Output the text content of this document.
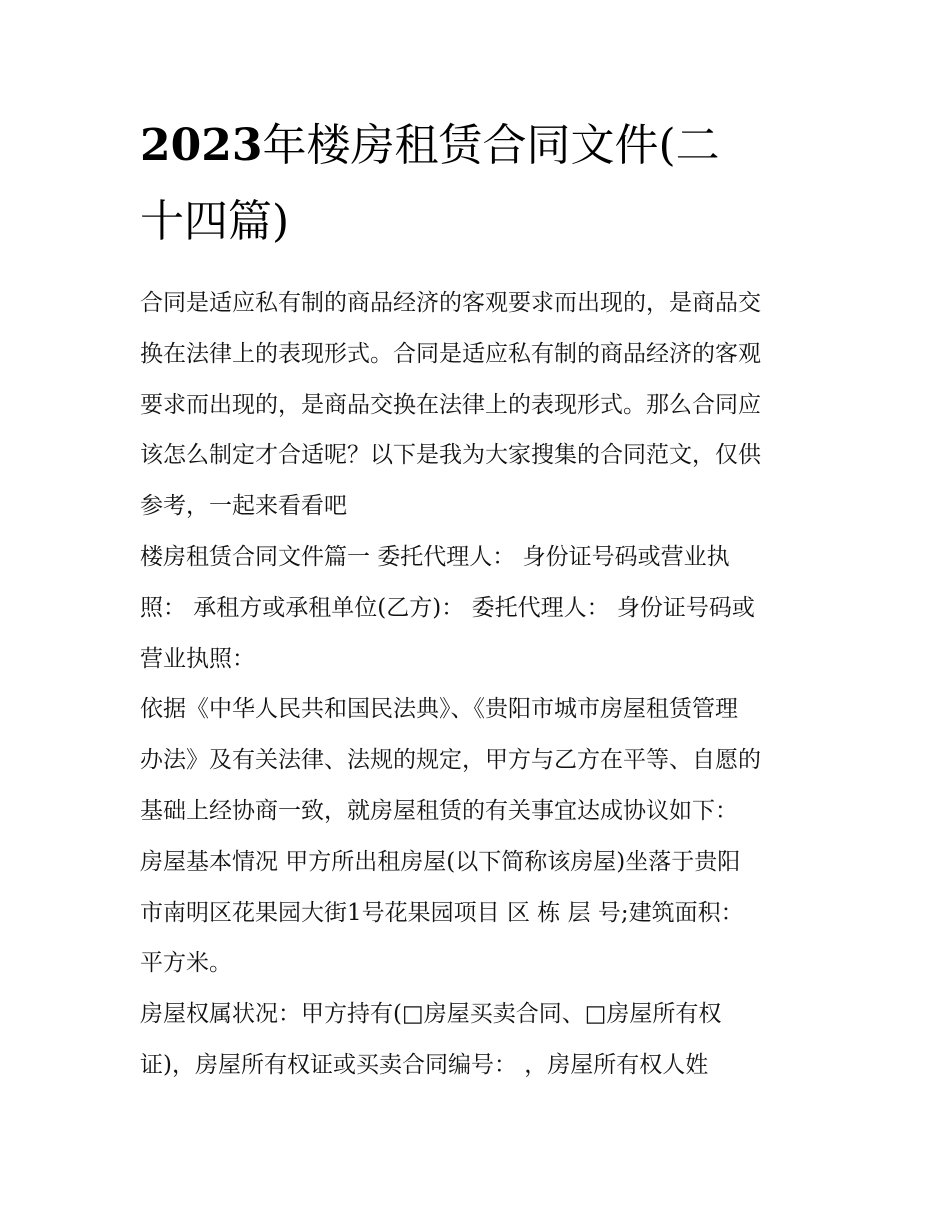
2023年楼房租赁合同文件(二
十四篇)

合同是适应私有制的商品经济的客观要求而出现的，是商品交
换在法律上的表现形式。合同是适应私有制的商品经济的客观
要求而出现的，是商品交换在法律上的表现形式。那么合同应
该怎么制定才合适呢？以下是我为大家搜集的合同范文，仅供
参考，一起来看看吧

楼房租赁合同文件篇一 委托代理人： 身份证号码或营业执
照： 承租方或承租单位(乙方)： 委托代理人： 身份证号码或
营业执照：

依据《中华人民共和国民法典》、《贵阳市城市房屋租赁管理
办法》及有关法律、法规的规定，甲方与乙方在平等、自愿的
基础上经协商一致，就房屋租赁的有关事宜达成协议如下：

房屋基本情况 甲方所出租房屋(以下简称该房屋)坐落于贵阳
市南明区花果园大街1号花果园项目 区 栋 层 号;建筑面积：
平方米。

房屋权属状况：甲方持有(□房屋买卖合同、□房屋所有权
证)，房屋所有权证或买卖合同编号： ，房屋所有权人姓
